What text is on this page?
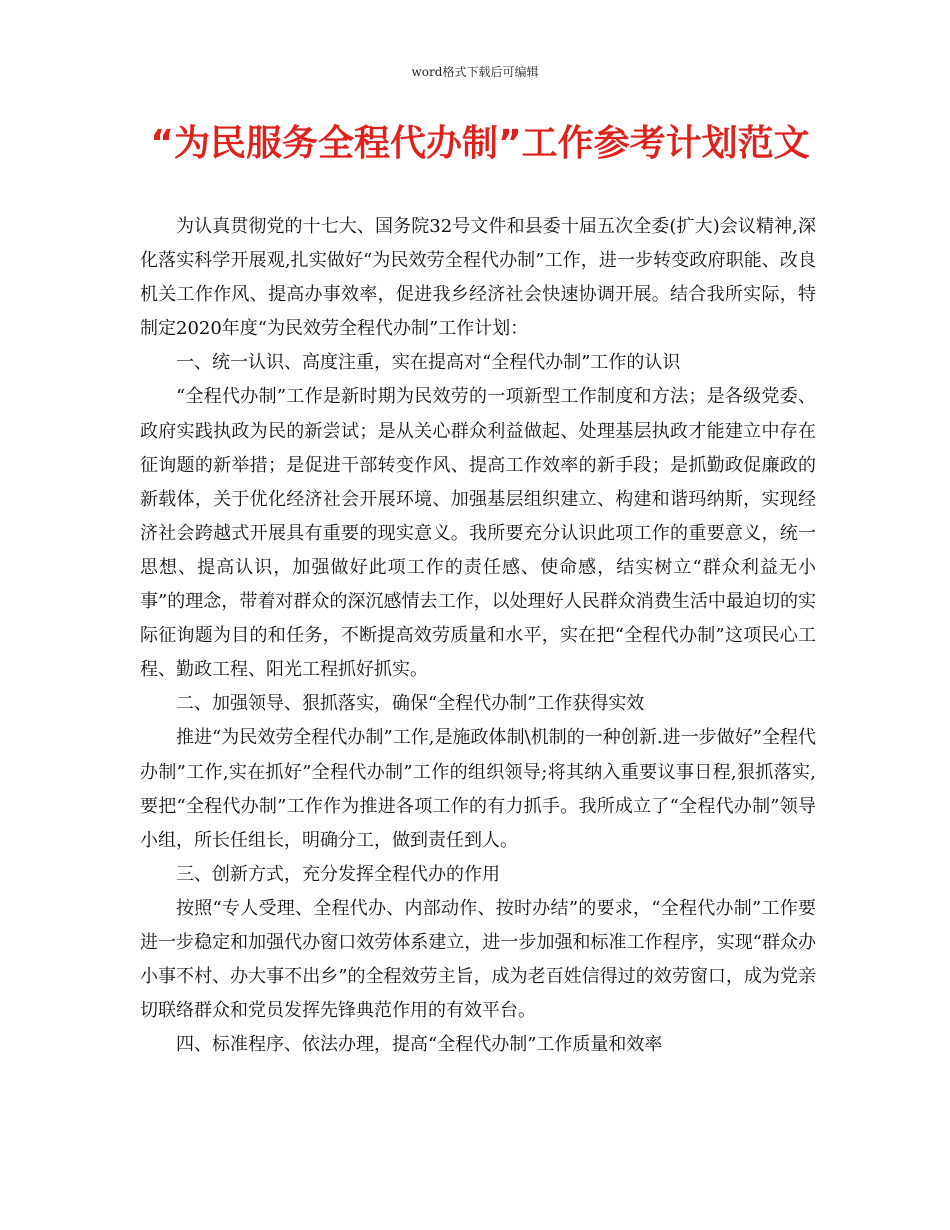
word格式下载后可编辑
“为民服务全程代办制”工作参考计划范文

为认真贯彻党的十七大、国务院32号文件和县委十届五次全委(扩大)会议精神,深化落实科学开展观,扎实做好“为民效劳全程代办制”工作，进一步转变政府职能、改良机关工作作风、提高办事效率，促进我乡经济社会快速协调开展。结合我所实际，特制定2020年度“为民效劳全程代办制”工作计划：

一、统一认识、高度注重，实在提高对“全程代办制”工作的认识

“全程代办制”工作是新时期为民效劳的一项新型工作制度和方法；是各级党委、政府实践执政为民的新尝试；是从关心群众利益做起、处理基层执政才能建立中存在征询题的新举措；是促进干部转变作风、提高工作效率的新手段；是抓勤政促廉政的新载体，关于优化经济社会开展环境、加强基层组织建立、构建和谐玛纳斯，实现经济社会跨越式开展具有重要的现实意义。我所要充分认识此项工作的重要意义，统一思想、提高认识，加强做好此项工作的责任感、使命感，结实树立“群众利益无小事”的理念，带着对群众的深沉感情去工作，以处理好人民群众消费生活中最迫切的实际征询题为目的和任务，不断提高效劳质量和水平，实在把“全程代办制”这项民心工程、勤政工程、阳光工程抓好抓实。

二、加强领导、狠抓落实，确保“全程代办制”工作获得实效

推进“为民效劳全程代办制”工作,是施政体制\机制的一种创新.进一步做好”全程代办制”工作,实在抓好”全程代办制”工作的组织领导;将其纳入重要议事日程,狠抓落实,要把“全程代办制”工作作为推进各项工作的有力抓手。我所成立了“全程代办制”领导小组，所长任组长，明确分工，做到责任到人。

三、创新方式，充分发挥全程代办的作用

按照“专人受理、全程代办、内部动作、按时办结”的要求，“全程代办制”工作要进一步稳定和加强代办窗口效劳体系建立，进一步加强和标准工作程序，实现“群众办小事不村、办大事不出乡”的全程效劳主旨，成为老百姓信得过的效劳窗口，成为党亲切联络群众和党员发挥先锋典范作用的有效平台。

四、标准程序、依法办理，提高“全程代办制”工作质量和效率
